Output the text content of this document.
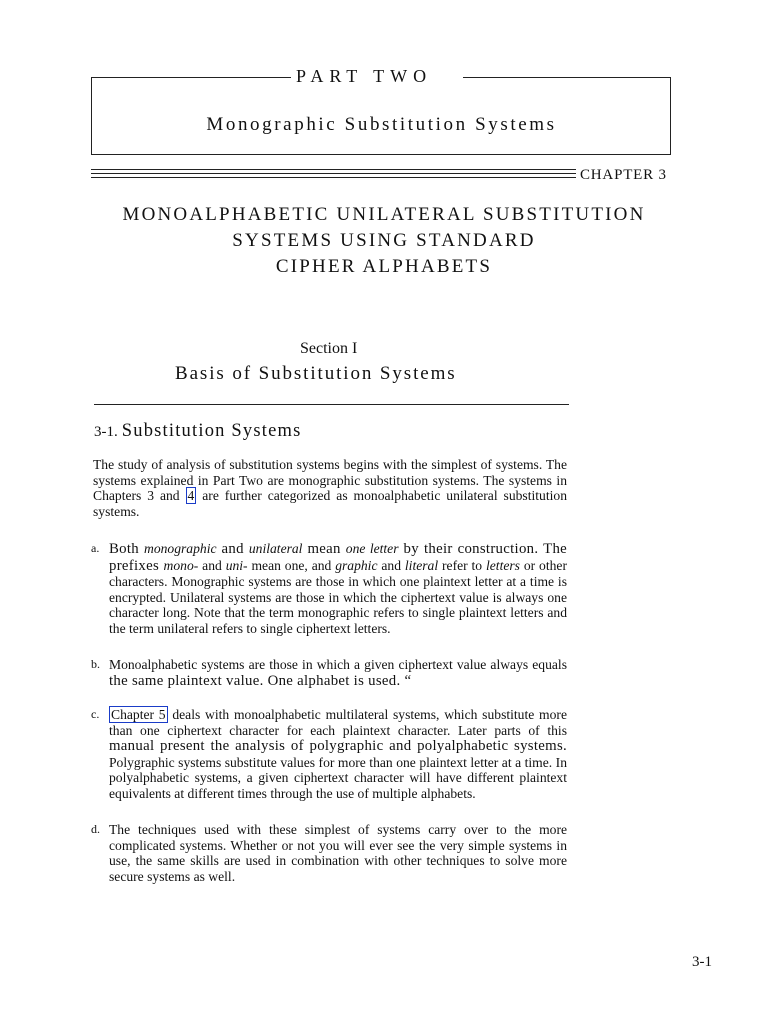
PART TWO
Monographic Substitution Systems
CHAPTER 3
MONOALPHABETIC UNILATERAL SUBSTITUTION
SYSTEMS USING STANDARD
CIPHER ALPHABETS
Section I
Basis of Substitution Systems
3-1. Substitution Systems
The study of analysis of substitution systems begins with the simplest of systems. The systems explained in Part Two are monographic substitution systems. The systems in Chapters 3 and 4 are further categorized as monoalphabetic unilateral substitution systems.
a. Both monographic and unilateral mean one letter by their construction. The prefixes mono- and uni- mean one, and graphic and literal refer to letters or other characters. Monographic systems are those in which one plaintext letter at a time is encrypted. Unilateral systems are those in which the ciphertext value is always one character long. Note that the term monographic refers to single plaintext letters and the term unilateral refers to single ciphertext letters.
b. Monoalphabetic systems are those in which a given ciphertext value always equals the same plaintext value. One alphabet is used. “
c. Chapter 5 deals with monoalphabetic multilateral systems, which substitute more than one ciphertext character for each plaintext character. Later parts of this manual present the analysis of polygraphic and polyalphabetic systems. Polygraphic systems substitute values for more than one plaintext letter at a time. In polyalphabetic systems, a given ciphertext character will have different plaintext equivalents at different times through the use of multiple alphabets.
d. The techniques used with these simplest of systems carry over to the more complicated systems. Whether or not you will ever see the very simple systems in use, the same skills are used in combination with other techniques to solve more secure systems as well.
3-1
